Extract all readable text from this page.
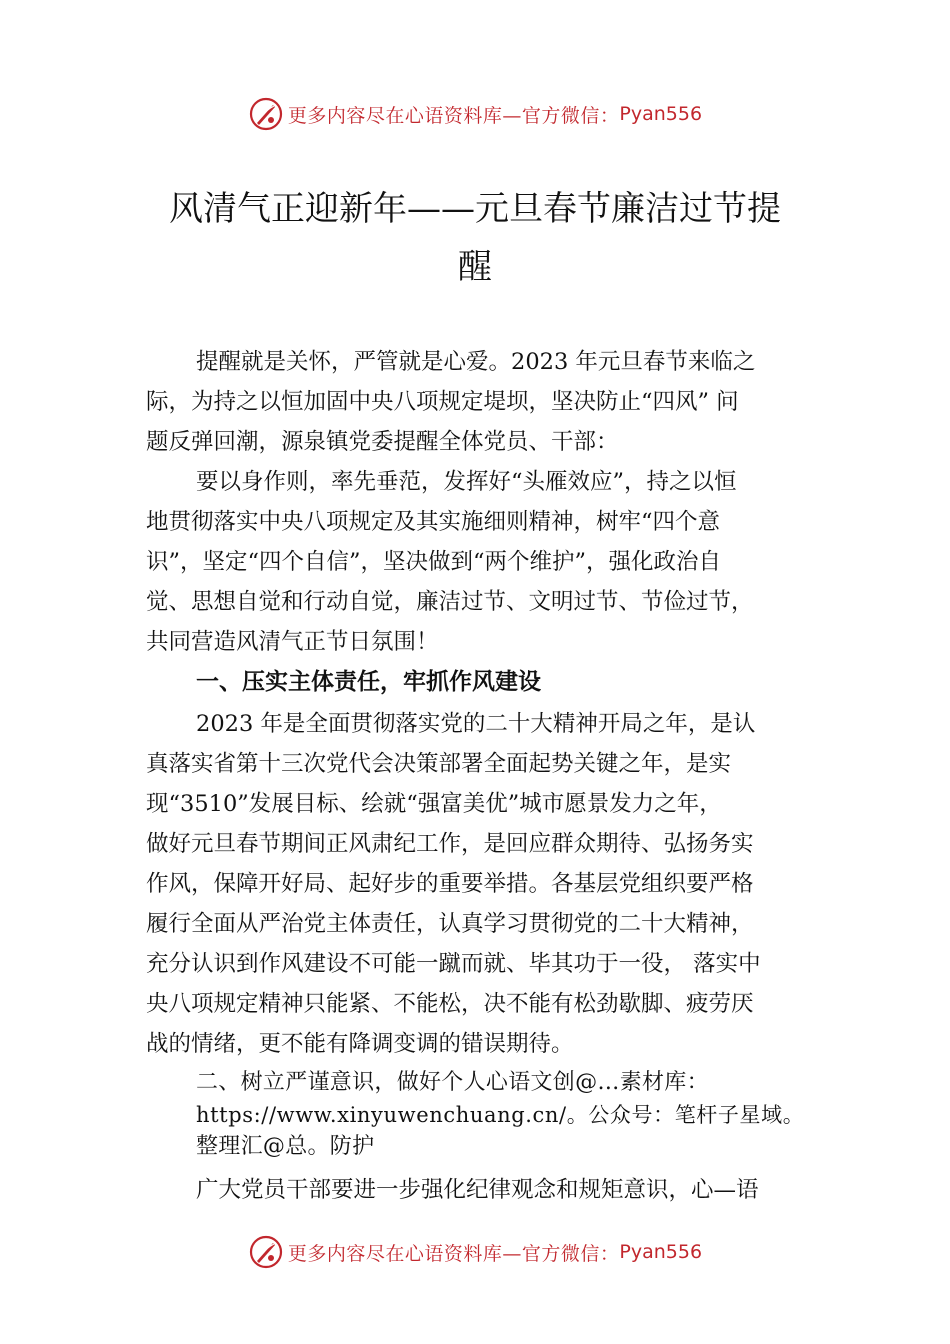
更多内容尽在心语资料库—官方微信： Pyan556
风清气正迎新年——元旦春节廉洁过节提
醒
提醒就是关怀，严管就是心爱。2023 年元旦春节来临之
际，为持之以恒加固中央八项规定堤坝，坚决防止“四风” 问
题反弹回潮，源泉镇党委提醒全体党员、干部：
要以身作则，率先垂范，发挥好“头雁效应”，持之以恒
地贯彻落实中央八项规定及其实施细则精神，树牢“四个意
识”，坚定“四个自信”，坚决做到“两个维护”，强化政治自
觉、思想自觉和行动自觉，廉洁过节、文明过节、节俭过节，
共同营造风清气正节日氛围！
一、压实主体责任，牢抓作风建设
2023 年是全面贯彻落实党的二十大精神开局之年，是认
真落实省第十三次党代会决策部署全面起势关键之年，是实
现“3510”发展目标、绘就“强富美优”城市愿景发力之年，
做好元旦春节期间正风肃纪工作，是回应群众期待、弘扬务实
作风，保障开好局、起好步的重要举措。各基层党组织要严格
履行全面从严治党主体责任，认真学习贯彻党的二十大精神，
充分认识到作风建设不可能一蹴而就、毕其功于一役， 落实中
央八项规定精神只能紧、不能松，决不能有松劲歇脚、疲劳厌
战的情绪，更不能有降调变调的错误期待。
二、树立严谨意识，做好个人心语文创@…素材库：
https://www.xinyuwenchuang.cn/。公众号：笔杆子星域。
整理汇@总。防护
广大党员干部要进一步强化纪律观念和规矩意识，心—语
更多内容尽在心语资料库—官方微信： Pyan556
